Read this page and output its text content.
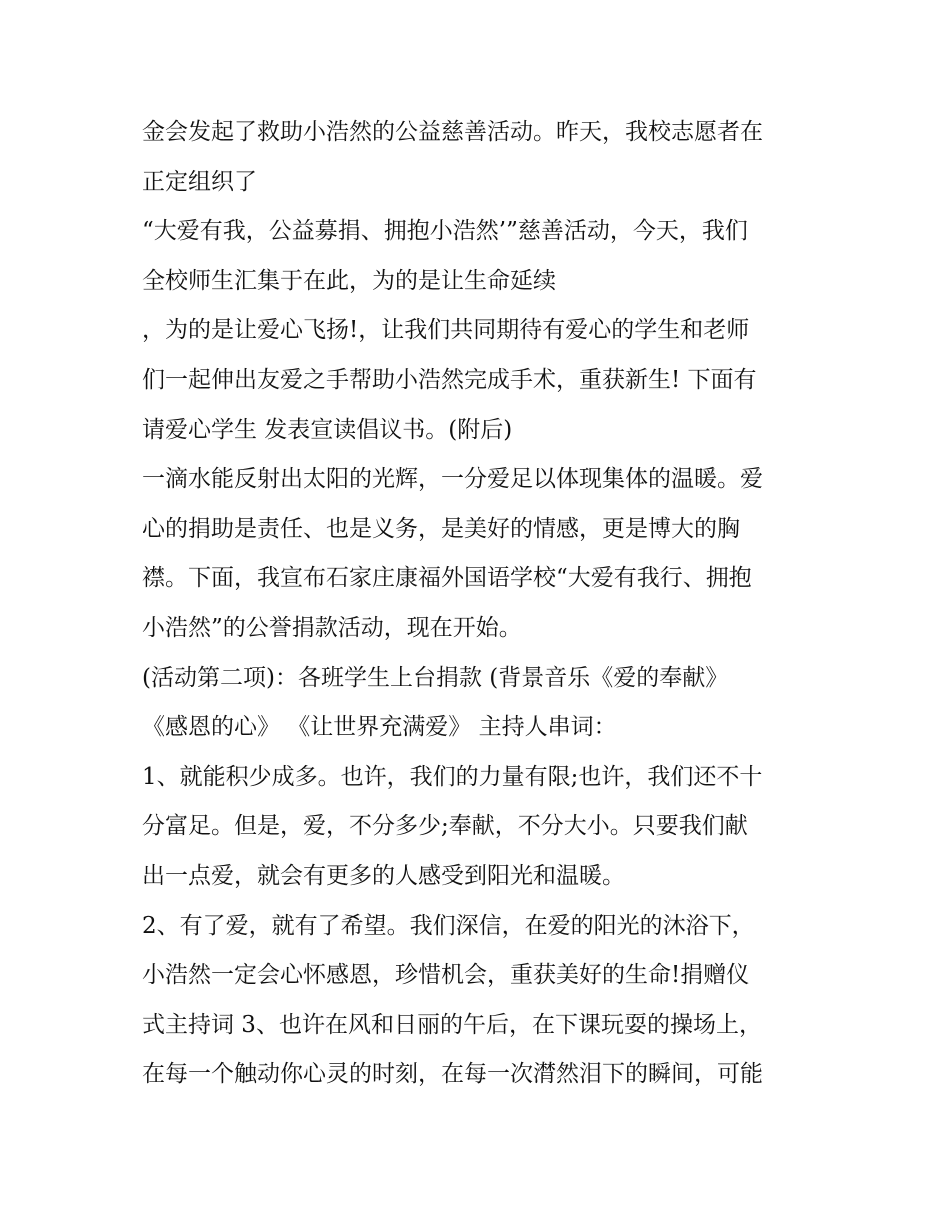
金会发起了救助小浩然的公益慈善活动。昨天，我校志愿者在

正定组织了

“大爱有我，公益募捐、拥抱小浩然’”慈善活动，今天，我们

全校师生汇集于在此，为的是让生命延续

，为的是让爱心飞扬!，让我们共同期待有爱心的学生和老师

们一起伸出友爱之手帮助小浩然完成手术，重获新生! 下面有

请爱心学生 发表宣读倡议书。(附后)

一滴水能反射出太阳的光辉，一分爱足以体现集体的温暖。爱

心的捐助是责任、也是义务，是美好的情感，更是博大的胸

襟。下面，我宣布石家庄康福外国语学校“大爱有我行、拥抱

小浩然”的公誉捐款活动，现在开始。

(活动第二项)：各班学生上台捐款 (背景音乐《爱的奉献》

《感恩的心》 《让世界充满爱》 主持人串词：

1、就能积少成多。也许，我们的力量有限;也许，我们还不十

分富足。但是，爱，不分多少;奉献，不分大小。只要我们献

出一点爱，就会有更多的人感受到阳光和温暖。

2、有了爱，就有了希望。我们深信，在爱的阳光的沐浴下，

小浩然一定会心怀感恩，珍惜机会，重获美好的生命!捐赠仪

式主持词 3、也许在风和日丽的午后，在下课玩耍的操场上，

在每一个触动你心灵的时刻，在每一次潸然泪下的瞬间，可能
